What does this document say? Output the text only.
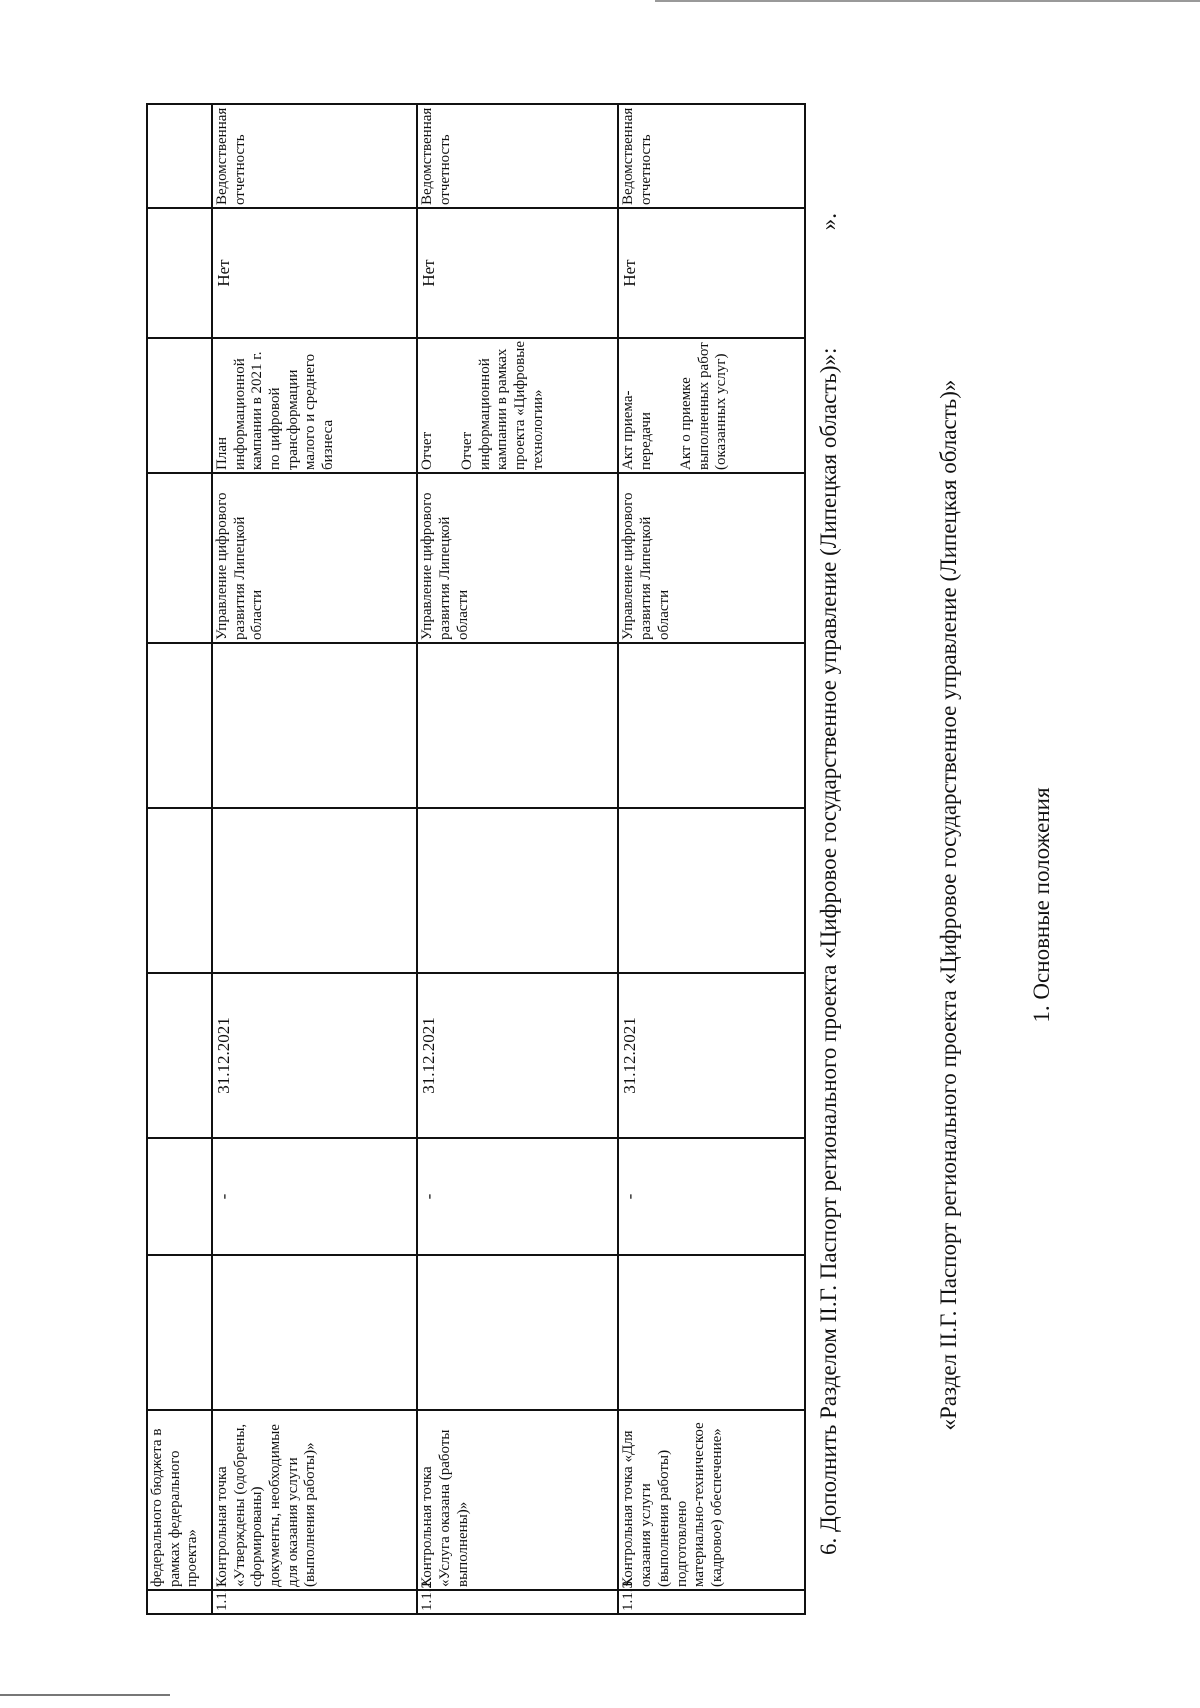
	федерального бюджета в рамках федерального проекта»									
1.1.1	Контрольная точка «Утверждены (одобрены, сформированы) документы, необходимые для оказания услуги (выполнения работы)»		-	31.12.2021			Управление цифрового развития Липецкой области	План информационной кампании в 2021 г. по цифровой трансформации малого и среднего бизнеса	Нет	Ведомственная отчетность
1.1.2.	Контрольная точка «Услуга оказана (работы выполнены)»		-	31.12.2021			Управление цифрового развития Липецкой области	Отчет Отчет информационной кампании в рамках проекта «Цифровые технологии»	Нет	Ведомственная отчетность
1.1.3.	Контрольная точка «Для оказания услуги (выполнения работы) подготовлено материально-техническое (кадровое) обеспечение»		-	31.12.2021			Управление цифрового развития Липецкой области	Акт приема-передачи Акт о приемке выполненных работ (оказанных услуг)	Нет	Ведомственная отчетность
».
6. Дополнить Разделом II.Г. Паспорт регионального проекта «Цифровое государственное управление (Липецкая область)»:	«Раздел II.Г. Паспорт регионального проекта «Цифровое государственное управление (Липецкая область)»	1. Основные положения
